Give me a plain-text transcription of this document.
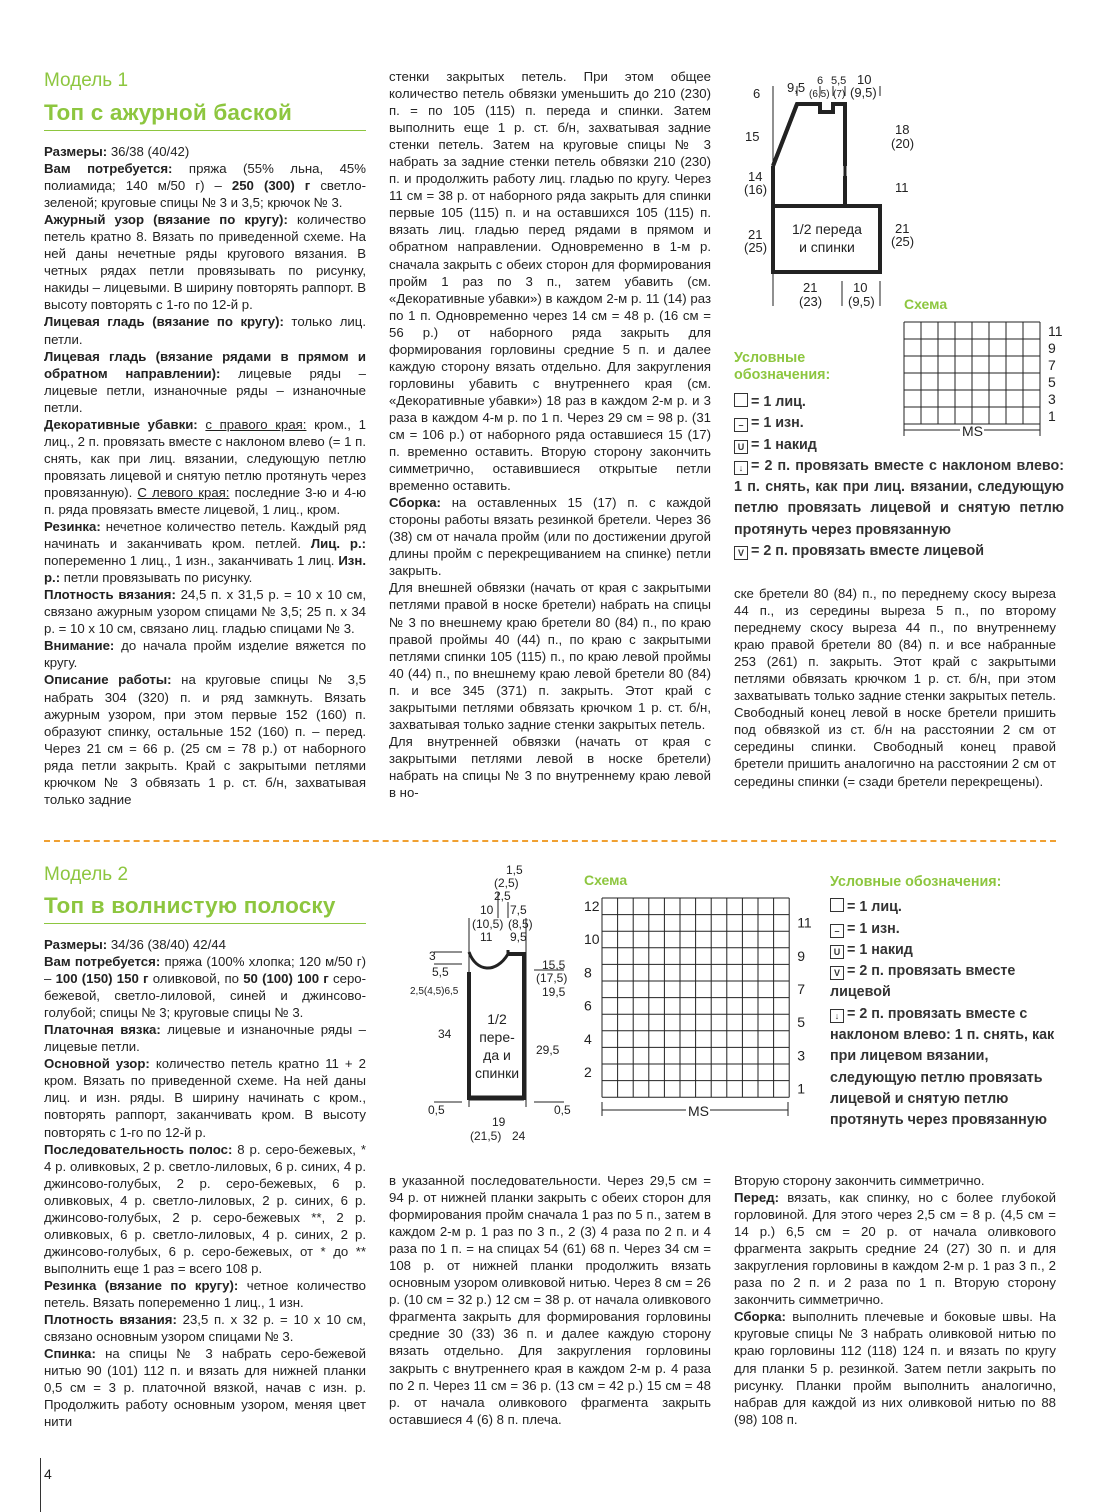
Модель 1
Топ с ажурной баской

Размеры: 36/38 (40/42)

Вам потребуется: пряжа (55% льна, 45% полиамида; 140 м/50 г) – 250 (300) г светло-зеленой; круговые спицы № 3 и 3,5; крючок № 3.

Ажурный узор (вязание по кругу): количество петель кратно 8. Вязать по приведенной схеме. На ней даны нечетные ряды кругового вязания. В четных рядах петли провязывать по рисунку, накиды – лицевыми. В ширину повторять раппорт. В высоту повторять с 1-го по 12-й р.

Лицевая гладь (вязание по кругу): только лиц. петли.

Лицевая гладь (вязание рядами в прямом и обратном направлении): лицевые ряды – лицевые петли, изнаночные ряды – изнаночные петли.

Декоративные убавки: с правого края: кром., 1 лиц., 2 п. провязать вместе с наклоном влево (= 1 п. снять, как при лиц. вязании, следующую петлю провязать лицевой и снятую петлю протянуть через провязанную). С левого края: последние 3-ю и 4-ю п. ряда провязать вместе лицевой, 1 лиц., кром.

Резинка: нечетное количество петель. Каждый ряд начинать и заканчивать кром. петлей. Лиц. р.: попеременно 1 лиц., 1 изн., заканчивать 1 лиц. Изн. р.: петли провязывать по рисунку.

Плотность вязания: 24,5 п. х 31,5 р. = 10 х 10 см, связано ажурным узором спицами № 3,5; 25 п. х 34 р. = 10 х 10 см, связано лиц. гладью спицами № 3.

Внимание: до начала пройм изделие вяжется по кругу.

Описание работы: на круговые спицы № 3,5 набрать 304 (320) п. и ряд замкнуть. Вязать ажурным узором, при этом первые 152 (160) п. образуют спинку, остальные 152 (160) п. – перед. Через 21 см = 66 р. (25 см = 78 р.) от наборного ряда петли закрыть. Край с закрытыми петлями крючком № 3 обвязать 1 р. ст. б/н, захватывая только задние

стенки закрытых петель. При этом общее количество петель обвязки уменьшить до 210 (230) п. = по 105 (115) п. переда и спинки. Затем выполнить еще 1 р. ст. б/н, захватывая задние стенки петель. Затем на круговые спицы № 3 набрать за задние стенки петель обвязки 210 (230) п. и продолжить работу лиц. гладью по кругу. Через 11 см = 38 р. от наборного ряда закрыть для спинки первые 105 (115) п. и на оставшихся 105 (115) п. вязать лиц. гладью перед рядами в прямом и обратном направлении. Одновременно в 1-м р. сначала закрыть с обеих сторон для формирования пройм 1 раз по 3 п., затем убавить (см. «Декоративные убавки») в каждом 2-м р. 11 (14) раз по 1 п. Одновременно через 14 см = 48 р. (16 см = 56 р.) от наборного ряда закрыть для формирования горловины средние 5 п. и далее каждую сторону вязать отдельно. Для закругления горловины убавить с внутреннего края (см. «Декоративные убавки») 18 раз в каждом 2-м р. и 3 раза в каждом 4-м р. по 1 п. Через 29 см = 98 р. (31 см = 106 р.) от наборного ряда оставшиеся 15 (17) п. временно оставить. Вторую сторону закончить симметрично, оставившиеся открытые петли временно оставить.

Сборка: на оставленных 15 (17) п. с каждой стороны работы вязать резинкой бретели. Через 36 (38) см от начала пройм (или по достижении другой длины пройм с перекрещиванием на спинке) петли закрыть.

Для внешней обвязки (начать от края с закрытыми петлями правой в носке бретели) набрать на спицы № 3 по внешнему краю бретели 80 (84) п., по краю правой проймы 40 (44) п., по краю с закрытыми петлями спинки 105 (115) п., по краю левой проймы 40 (44) п., по внешнему краю левой бретели 80 (84) п. и все 345 (371) п. закрыть. Этот край с закрытыми петлями обвязать крючком 1 р. ст. б/н, захватывая только задние стенки закрытых петель.

Для внутренней обвязки (начать от края с закрытыми петлями левой в носке бретели) набрать на спицы № 3 по внутреннему краю левой в но-

ске бретели 80 (84) п., по переднему скосу выреза 44 п., из середины выреза 5 п., по второму переднему скосу выреза 44 п., по внутреннему краю правой бретели 80 (84) п. и все набранные 253 (261) п. закрыть. Этот край с закрытыми петлями обвязать крючком 1 р. ст. б/н, при этом захватывать только задние стенки закрытых петель. Свободный конец левой в носке бретели пришить под обвязкой из ст. б/н на расстоянии 2 см от середины спинки. Свободный конец правой бретели пришить аналогично на расстоянии 2 см от середины спинки (= сзади бретели перекрещены).

6 9,5 6
(6,5)
5,5
(7)
10
(9,5)
15
14
(16)
21
(25)
18
(20)
11
21
(25)
21
(23)
10
(9,5)
1/2 переда
и спинки
Схема
11
9
7
5
3
1
MS
Условные обозначения:
= 1 лиц.
– = 1 изн.
U = 1 накид
↓ = 2 п. провязать вместе с наклоном влево: 1 п. снять, как при лиц. вязании, следующую петлю провязать лицевой и снятую петлю протянуть через провязанную
V = 2 п. провязать вместе лицевой
Модель 2
Топ в волнистую полоску

Размеры: 34/36 (38/40) 42/44

Вам потребуется: пряжа (100% хлопка; 120 м/50 г) – 100 (150) 150 г оливковой, по 50 (100) 100 г серо-бежевой, светло-лиловой, синей и джинсово-голубой; спицы № 3; круговые спицы № 3.

Платочная вязка: лицевые и изнаночные ряды – лицевые петли.

Основной узор: количество петель кратно 11 + 2 кром. Вязать по приведенной схеме. На ней даны лиц. и изн. ряды. В ширину начинать с кром., повторять раппорт, заканчивать кром. В высоту повторять с 1-го по 12-й р.

Последовательность полос: 8 р. серо-бежевых, * 4 р. оливковых, 2 р. светло-лиловых, 6 р. синих, 4 р. джинсово-голубых, 2 р. серо-бежевых, 6 р. оливковых, 4 р. светло-лиловых, 2 р. синих, 6 р. джинсово-голубых, 2 р. серо-бежевых **, 2 р. оливковых, 6 р. светло-лиловых, 4 р. синих, 2 р. джинсово-голубых, 6 р. серо-бежевых, от * до ** выполнить еще 1 раз = всего 108 р.

Резинка (вязание по кругу): четное количество петель. Вязать попеременно 1 лиц., 1 изн.

Плотность вязания: 23,5 п. х 32 р. = 10 х 10 см, связано основным узором спицами № 3.

Спинка: на спицы № 3 набрать серо-бежевой нитью 90 (101) 112 п. и вязать для нижней планки 0,5 см = 3 р. платочной вязкой, начав с изн. р. Продолжить работу основным узором, меняя цвет нити

в указанной последовательности. Через 29,5 см = 94 р. от нижней планки закрыть с обеих сторон для формирования пройм сначала 1 раз по 5 п., затем в каждом 2-м р. 1 раз по 3 п., 2 (3) 4 раза по 2 п. и 4 раза по 1 п. = на спицах 54 (61) 68 п. Через 34 см = 108 р. от нижней планки продолжить вязать основным узором оливковой нитью. Через 8 см = 26 р. (10 см = 32 р.) 12 см = 38 р. от начала оливкового фрагмента закрыть для формирования горловины средние 30 (33) 36 п. и далее каждую сторону вязать отдельно. Для закругления горловины закрыть с внутреннего края в каждом 2-м р. 4 раза по 2 п. Через 11 см = 36 р. (13 см = 42 р.) 15 см = 48 р. от начала оливкового фрагмента закрыть оставшиеся 4 (6) 8 п. плеча.

Вторую сторону закончить симметрично.

Перед: вязать, как спинку, но с более глубокой горловиной. Для этого через 2,5 см = 8 р. (4,5 см = 14 р.) 6,5 см = 20 р. от начала оливкового фрагмента закрыть средние 24 (27) 30 п. и для закругления горловины в каждом 2-м р. 1 раз 3 п., 2 раза по 2 п. и 2 раза по 1 п. Вторую сторону закончить симметрично.

Сборка: выполнить плечевые и боковые швы. На круговые спицы № 3 набрать оливковой нитью по краю горловины 112 (118) 124 п. и вязать по кругу для планки 5 р. резинкой. Затем петли закрыть по рисунку. Планки пройм выполнить аналогично, набрав для каждой из них оливковой нитью по 88 (98) 108 п.

1,5
(2,5)
2,5
10
(10,5)
11
7,5
(8,5)
9,5
3
5,5
2,5(4,5)6,5
34
0,5
15,5
(17,5)
19,5
29,5
0,5
19
(21,5) 24
1/2
пере-
да и
спинки
Схема
12
10
8
6
4
2
11
9
7
5
3
1
MS
Условные обозначения:
= 1 лиц.
– = 1 изн.
U = 1 накид
V = 2 п. провязать вместе лицевой
↓ = 2 п. провязать вместе с наклоном влево: 1 п. снять, как при лицевом вязании, следующую петлю провязать лицевой и снятую петлю протянуть через провязанную
4
